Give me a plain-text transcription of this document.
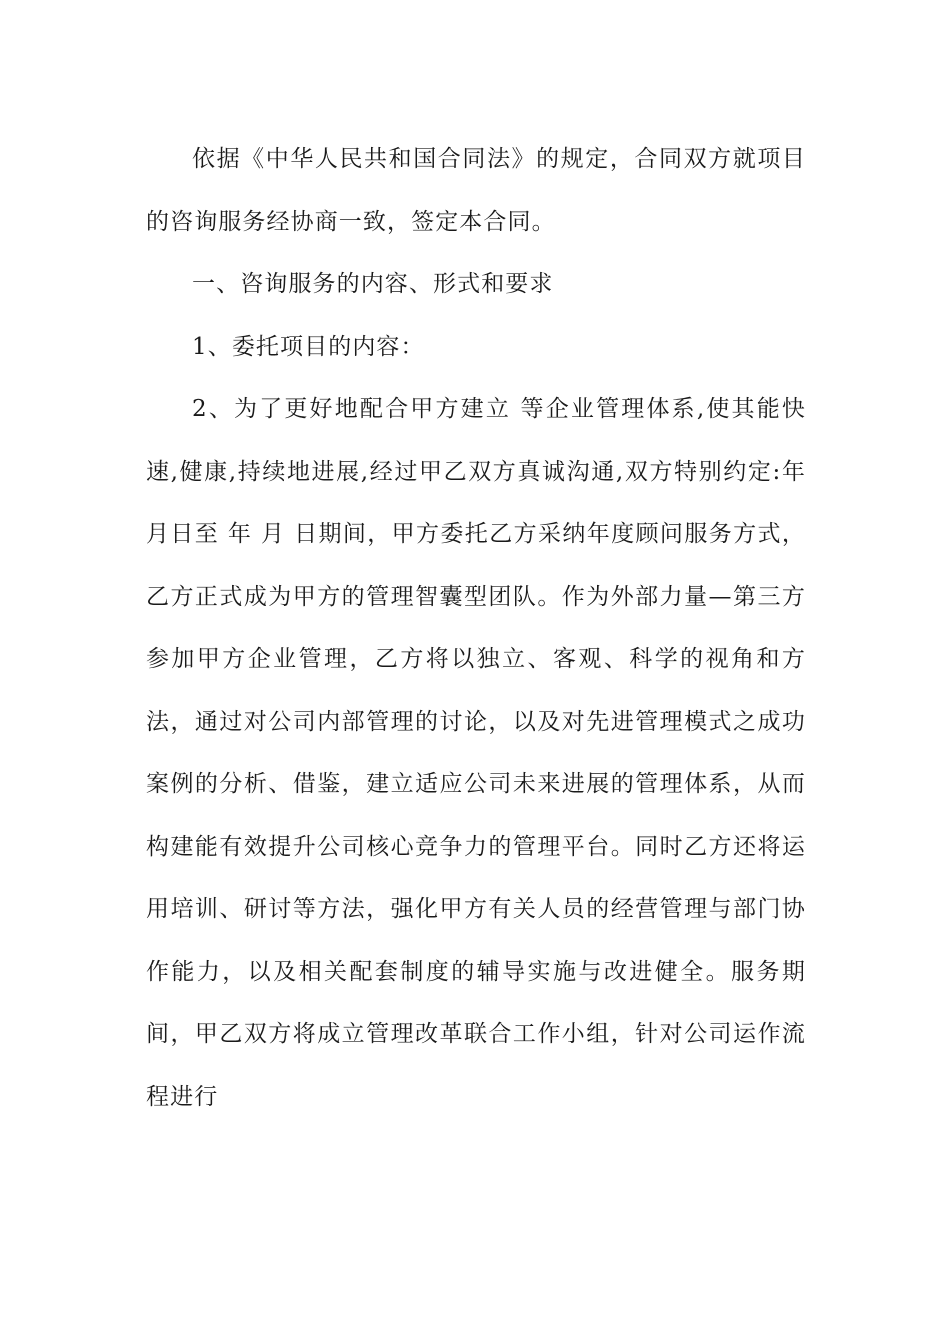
依据《中华人民共和国合同法》的规定，合同双方就项目的咨询服务经协商一致，签定本合同。

一、咨询服务的内容、形式和要求

1、委托项目的内容：

2、为了更好地配合甲方建立 等企业管理体系,使其能快速,健康,持续地进展,经过甲乙双方真诚沟通,双方特别约定:年 月日至 年 月 日期间，甲方委托乙方采纳年度顾问服务方式，乙方正式成为甲方的管理智囊型团队。作为外部力量—第三方参加甲方企业管理，乙方将以独立、客观、科学的视角和方法，通过对公司内部管理的讨论，以及对先进管理模式之成功案例的分析、借鉴，建立适应公司未来进展的管理体系，从而构建能有效提升公司核心竞争力的管理平台。同时乙方还将运用培训、研讨等方法，强化甲方有关人员的经营管理与部门协作能力，以及相关配套制度的辅导实施与改进健全。服务期间，甲乙双方将成立管理改革联合工作小组，针对公司运作流程进行
